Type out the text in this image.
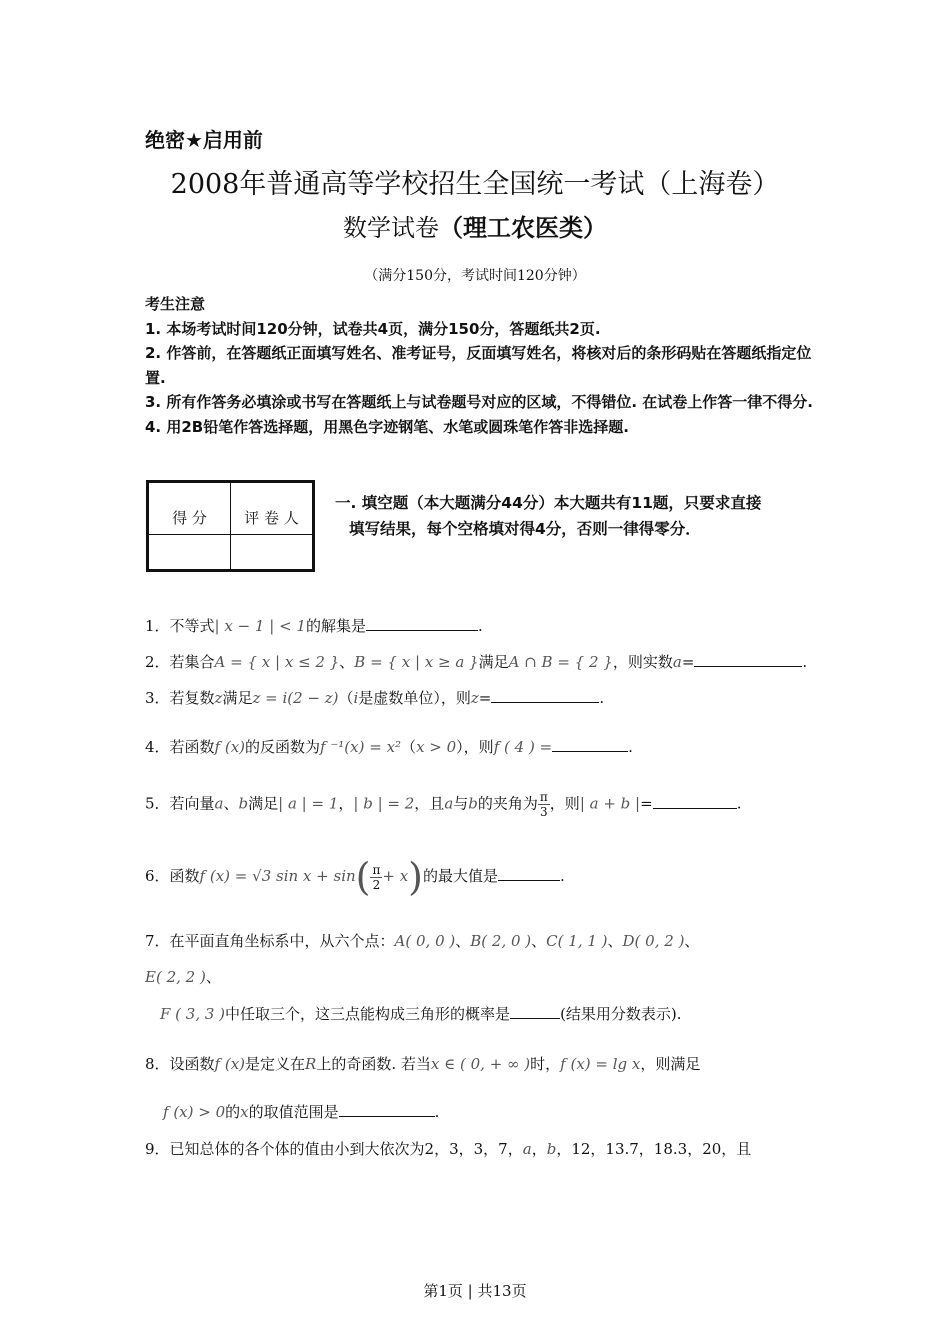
绝密★启用前
2008年普通高等学校招生全国统一考试（上海卷）
数学试卷（理工农医类）
（满分150分，考试时间120分钟）
考生注意
1. 本场考试时间120分钟，试卷共4页，满分150分，答题纸共2页.
2. 作答前，在答题纸正面填写姓名、准考证号，反面填写姓名，将核对后的条形码贴在答题纸指定位置.
3. 所有作答务必填涂或书写在答题纸上与试卷题号对应的区域，不得错位. 在试卷上作答一律不得分.
4. 用2B铅笔作答选择题，用黑色字迹钢笔、水笔或圆珠笔作答非选择题.
得 分	评 卷 人

一. 填空题（本大题满分44分）本大题共有11题，只要求直接
填写结果，每个空格填对得4分，否则一律得零分．
1．不等式| x − 1 | < 1的解集是	.
2．若集合A = { x | x ≤ 2 }、B = { x | x ≥ a }满足A ∩ B = { 2 }，则实数a=	.
3．若复数z满足z = i(2 − z)（i是虚数单位），则z=	.
4．若函数f (x)的反函数为f ⁻¹(x) = x²（x > 0），则f ( 4 ) =	.
5．若向量a、b满足| a | = 1，| b | = 2，且a与b的夹角为 $\frac{\pi}{3}$ ，则| a + b |=	.
6．函数f (x) = √3 $\sin x + \sin( \frac{\pi}{2} + x)$的最大值是	.
7．在平面直角坐标系中，从六个点：A( 0, 0 )、B( 2, 0 )、C( 1, 1 )、D( 0, 2 )、
E( 2, 2 )、
F ( 3, 3 )中任取三个，这三点能构成三角形的概率是	(结果用分数表示).
8．设函数f (x)是定义在R上的奇函数. 若当x ∈ ( 0, + ∞ )时，f (x) = lg x，则满足
f (x) > 0的x的取值范围是	.
9．已知总体的各个体的值由小到大依次为2，3，3，7，a，b，12，13.7，18.3，20，且
第1页 | 共13页
